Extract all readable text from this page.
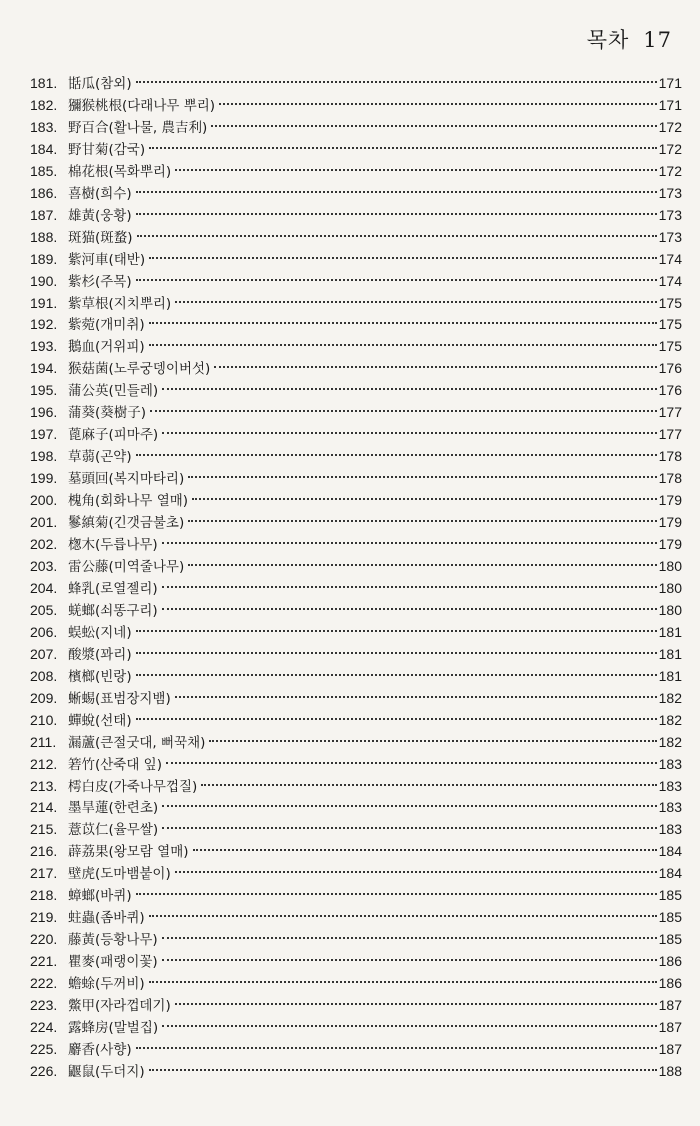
목차 17
181. 甛瓜(참외)	171
182. 獼猴桃根(다래나무 뿌리)	171
183. 野百合(활나물, 農吉利)	172
184. 野甘菊(감국)	172
185. 棉花根(목화뿌리)	172
186. 喜樹(희수)	173
187. 雄黃(웅황)	173
188. 斑猫(斑蝥)	173
189. 紫河車(태반)	174
190. 紫杉(주목)	174
191. 紫草根(지치뿌리)	175
192. 紫菀(개미취)	175
193. 鵝血(거위피)	175
194. 猴菇菌(노루궁뎅이버섯)	176
195. 蒲公英(민들레)	176
196. 蒲葵(葵樹子)	177
197. 蓖麻子(피마주)	177
198. 草蒻(곤약)	178
199. 墓頭回(복지마타리)	178
200. 槐角(회화나무 열매)	179
201. 鬖縝菊(긴갯금불초)	179
202. 楤木(두릅나무)	179
203. 雷公藤(미역줄나무)	180
204. 蜂乳(로열젤리)	180
205. 蜣螂(쇠똥구리)	180
206. 蜈蚣(지네)	181
207. 酸漿(꽈리)	181
208. 檳榔(빈랑)	181
209. 蜥蜴(표범장지뱀)	182
210. 蟬蛻(선태)	182
211. 漏蘆(큰절굿대, 뻐꾹채)	182
212. 箬竹(산죽대 잎)	183
213. 樗白皮(가죽나무껍질)	183
214. 墨旱蓮(한련초)	183
215. 薏苡仁(율무쌀)	183
216. 薜荔果(왕모람 열매)	184
217. 壁虎(도마뱀붙이)	184
218. 蟑螂(바퀴)	185
219. 蛀蟲(좀바퀴)	185
220. 藤黃(등황나무)	185
221. 瞿麥(패랭이꽃)	186
222. 蟾蜍(두꺼비)	186
223. 鱉甲(자라껍데기)	187
224. 露蜂房(말벌집)	187
225. 麝香(사향)	187
226. 鼴鼠(두더지)	188
